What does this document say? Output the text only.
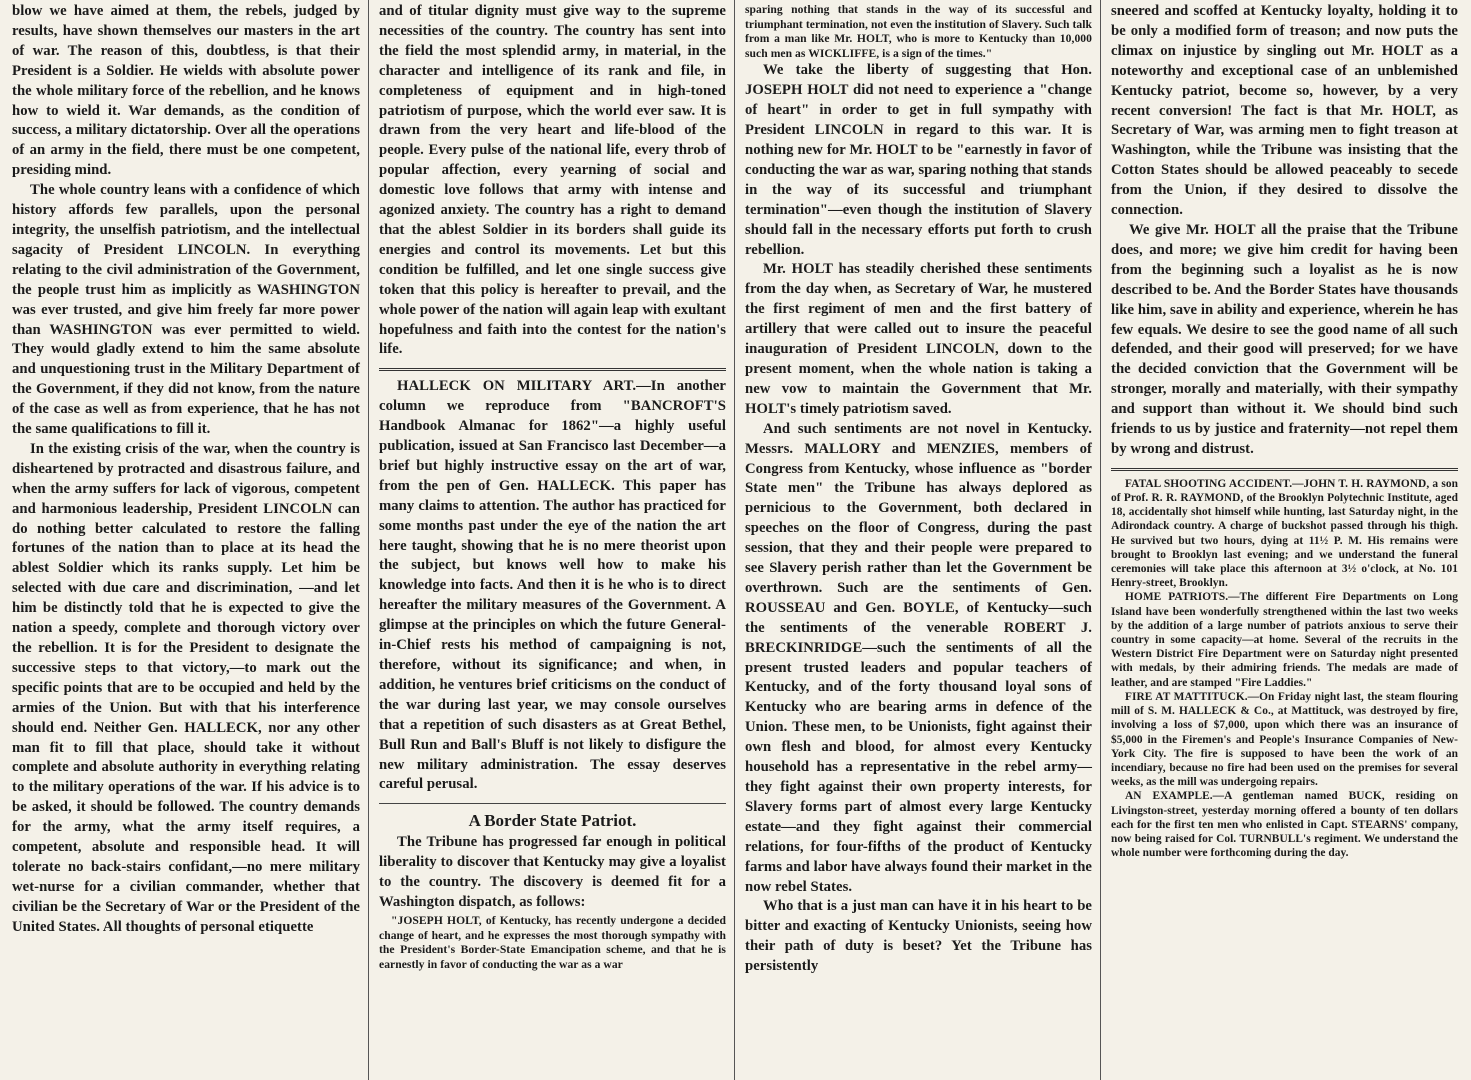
blow we have aimed at them, the rebels, judged by results, have shown themselves our masters in the art of war. The reason of this, doubtless, is that their President is a Soldier. He wields with absolute power the whole military force of the rebellion, and he knows how to wield it. War demands, as the condition of success, a military dictatorship. Over all the operations of an army in the field, there must be one competent, presiding mind.

The whole country leans with a confidence of which history affords few parallels, upon the personal integrity, the unselfish patriotism, and the intellectual sagacity of President LINCOLN. In everything relating to the civil administration of the Government, the people trust him as implicitly as WASHINGTON was ever trusted, and give him freely far more power than WASHINGTON was ever permitted to wield. They would gladly extend to him the same absolute and unquestioning trust in the Military Department of the Government, if they did not know, from the nature of the case as well as from experience, that he has not the same qualifications to fill it.

In the existing crisis of the war, when the country is disheartened by protracted and disastrous failure, and when the army suffers for lack of vigorous, competent and harmonious leadership, President LINCOLN can do nothing better calculated to restore the falling fortunes of the nation than to place at its head the ablest Soldier which its ranks supply. Let him be selected with due care and discrimination, —and let him be distinctly told that he is expected to give the nation a speedy, complete and thorough victory over the rebellion. It is for the President to designate the successive steps to that victory,—to mark out the specific points that are to be occupied and held by the armies of the Union. But with that his interference should end. Neither Gen. HALLECK, nor any other man fit to fill that place, should take it without complete and absolute authority in everything relating to the military operations of the war. If his advice is to be asked, it should be followed. The country demands for the army, what the army itself requires, a competent, absolute and responsible head. It will tolerate no back-stairs confidant,—no mere military wet-nurse for a civilian commander, whether that civilian be the Secretary of War or the President of the United States. All thoughts of personal etiquette

and of titular dignity must give way to the supreme necessities of the country. The country has sent into the field the most splendid army, in material, in the character and intelligence of its rank and file, in completeness of equipment and in high-toned patriotism of purpose, which the world ever saw. It is drawn from the very heart and life-blood of the people. Every pulse of the national life, every throb of popular affection, every yearning of social and domestic love follows that army with intense and agonized anxiety. The country has a right to demand that the ablest Soldier in its borders shall guide its energies and control its movements. Let but this condition be fulfilled, and let one single success give token that this policy is hereafter to prevail, and the whole power of the nation will again leap with exultant hopefulness and faith into the contest for the nation's life.

HALLECK ON MILITARY ART.—In another column we reproduce from "BANCROFT'S Handbook Almanac for 1862"—a highly useful publication, issued at San Francisco last December—a brief but highly instructive essay on the art of war, from the pen of Gen. HALLECK. This paper has many claims to attention. The author has practiced for some months past under the eye of the nation the art here taught, showing that he is no mere theorist upon the subject, but knows well how to make his knowledge into facts. And then it is he who is to direct hereafter the military measures of the Government. A glimpse at the principles on which the future General-in-Chief rests his method of campaigning is not, therefore, without its significance; and when, in addition, he ventures brief criticisms on the conduct of the war during last year, we may console ourselves that a repetition of such disasters as at Great Bethel, Bull Run and Ball's Bluff is not likely to disfigure the new military administration. The essay deserves careful perusal.

A Border State Patriot.

The Tribune has progressed far enough in political liberality to discover that Kentucky may give a loyalist to the country. The discovery is deemed fit for a Washington dispatch, as follows:

"JOSEPH HOLT, of Kentucky, has recently undergone a decided change of heart, and he expresses the most thorough sympathy with the President's Border-State Emancipation scheme, and that he is earnestly in favor of conducting the war as a war

sparing nothing that stands in the way of its successful and triumphant termination, not even the institution of Slavery. Such talk from a man like Mr. HOLT, who is more to Kentucky than 10,000 such men as WICKLIFFE, is a sign of the times."

We take the liberty of suggesting that Hon. JOSEPH HOLT did not need to experience a "change of heart" in order to get in full sympathy with President LINCOLN in regard to this war. It is nothing new for Mr. HOLT to be "earnestly in favor of conducting the war as war, sparing nothing that stands in the way of its successful and triumphant termination"—even though the institution of Slavery should fall in the necessary efforts put forth to crush rebellion.

Mr. HOLT has steadily cherished these sentiments from the day when, as Secretary of War, he mustered the first regiment of men and the first battery of artillery that were called out to insure the peaceful inauguration of President LINCOLN, down to the present moment, when the whole nation is taking a new vow to maintain the Government that Mr. HOLT's timely patriotism saved.

And such sentiments are not novel in Kentucky. Messrs. MALLORY and MENZIES, members of Congress from Kentucky, whose influence as "border State men" the Tribune has always deplored as pernicious to the Government, both declared in speeches on the floor of Congress, during the past session, that they and their people were prepared to see Slavery perish rather than let the Government be overthrown. Such are the sentiments of Gen. ROUSSEAU and Gen. BOYLE, of Kentucky—such the sentiments of the venerable ROBERT J. BRECKINRIDGE—such the sentiments of all the present trusted leaders and popular teachers of Kentucky, and of the forty thousand loyal sons of Kentucky who are bearing arms in defence of the Union. These men, to be Unionists, fight against their own flesh and blood, for almost every Kentucky household has a representative in the rebel army—they fight against their own property interests, for Slavery forms part of almost every large Kentucky estate—and they fight against their commercial relations, for four-fifths of the product of Kentucky farms and labor have always found their market in the now rebel States.

Who that is a just man can have it in his heart to be bitter and exacting of Kentucky Unionists, seeing how their path of duty is beset? Yet the Tribune has persistently

sneered and scoffed at Kentucky loyalty, holding it to be only a modified form of treason; and now puts the climax on injustice by singling out Mr. HOLT as a noteworthy and exceptional case of an unblemished Kentucky patriot, become so, however, by a very recent conversion! The fact is that Mr. HOLT, as Secretary of War, was arming men to fight treason at Washington, while the Tribune was insisting that the Cotton States should be allowed peaceably to secede from the Union, if they desired to dissolve the connection.

We give Mr. HOLT all the praise that the Tribune does, and more; we give him credit for having been from the beginning such a loyalist as he is now described to be. And the Border States have thousands like him, save in ability and experience, wherein he has few equals. We desire to see the good name of all such defended, and their good will preserved; for we have the decided conviction that the Government will be stronger, morally and materially, with their sympathy and support than without it. We should bind such friends to us by justice and fraternity—not repel them by wrong and distrust.

FATAL SHOOTING ACCIDENT.—JOHN T. H. RAYMOND, a son of Prof. R. R. RAYMOND, of the Brooklyn Polytechnic Institute, aged 18, accidentally shot himself while hunting, last Saturday night, in the Adirondack country. A charge of buckshot passed through his thigh. He survived but two hours, dying at 11½ P. M. His remains were brought to Brooklyn last evening; and we understand the funeral ceremonies will take place this afternoon at 3½ o'clock, at No. 101 Henry-street, Brooklyn.

HOME PATRIOTS.—The different Fire Departments on Long Island have been wonderfully strengthened within the last two weeks by the addition of a large number of patriots anxious to serve their country in some capacity—at home. Several of the recruits in the Western District Fire Department were on Saturday night presented with medals, by their admiring friends. The medals are made of leather, and are stamped "Fire Laddies."

FIRE AT MATTITUCK.—On Friday night last, the steam flouring mill of S. M. HALLECK & Co., at Mattituck, was destroyed by fire, involving a loss of $7,000, upon which there was an insurance of $5,000 in the Firemen's and People's Insurance Companies of New-York City. The fire is supposed to have been the work of an incendiary, because no fire had been used on the premises for several weeks, as the mill was undergoing repairs.

AN EXAMPLE.—A gentleman named BUCK, residing on Livingston-street, yesterday morning offered a bounty of ten dollars each for the first ten men who enlisted in Capt. STEARNS' company, now being raised for Col. TURNBULL's regiment. We understand the whole number were forthcoming during the day.
